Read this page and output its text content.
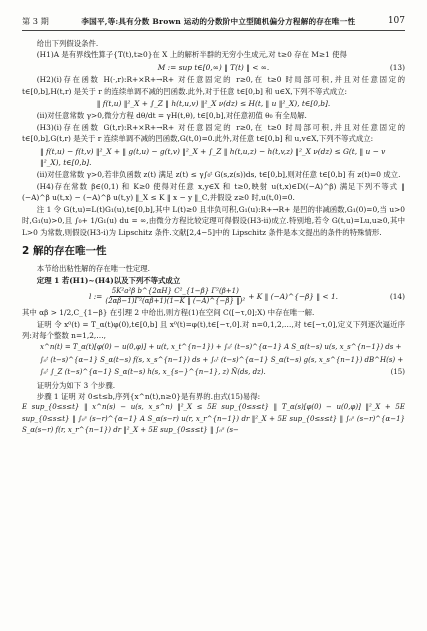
第 3 期	李国平,等:具有分数 Brown 运动的分数阶中立型随机偏分方程解的存在唯一性	107

给出下列假设条件.

(H1)A 是有界线性算子{T(t),t≥0}在 X 上的解析半群的无穷小生成元,对 t≥0 存在 M≥1 使得

M := sup t∈[0,∞) ‖ T(t) ‖ < ∞.	(13)

(H2)(i)存在函数 H(·,r):R+×R+→R+ 对任意固定的 r≥0,在 t≥0 时局部可积,并且对任意固定的 t∈[0,b],H(t,r) 是关于 r 的连续单调不减的凹函数.此外,对于任意 t∈[0,b] 和 u∈X,下列不等式成立:

‖ f(t,u) ‖²_X + ∫_Z ‖ h(t,u,v) ‖²_X ν(dz) ≤ H(t, ‖ u ‖²_X), t∈[0,b].

(ii)对任意常数 γ>0,微分方程 dθ/dt = γH(t,θ), t∈[0,b],对任意初值 θ₀ 有全局解.

(H3)(i)存在函数 G(t,r):R+×R+→R+ 对任意固定的 r≥0,在 t≥0 时局部可积,并且对任意固定的 t∈[0,b],G(t,r) 是关于 r 连续单调不减的凹函数,G(t,0)=0.此外,对任意 t∈[0,b] 和 u,v∈X,下列不等式成立:

‖ f(t,u) − f(t,v) ‖²_X + ‖ g(t,u) − g(t,v) ‖²_X + ∫_Z ‖ h(t,u,z) − h(t,v,z) ‖²_X ν(dz) ≤ G(t, ‖ u − v ‖²_X), t∈[0,b].

(ii)对任意常数 γ>0,若非负函数 z(t) 满足 z(t) ≤ γ∫₀ᵗ G(s,z(s))ds, t∈[0,b],则对任意 t∈[0,b] 有 z(t)=0 成立.

(H4)存在常数 β∈(0,1) 和 K≥0 使得对任意 x,y∈X 和 t≥0,映射 u(t,x)∈D((−A)^β) 满足下列不等式 ‖ (−A)^β u(t,x) − (−A)^β u(t,y) ‖_X ≤ K ‖ x − y ‖_C,并假设 z≥0 时,u(t,0)=0.

注 1 令 G(t,u)=L(t)G₁(u),t∈[0,b],其中 L(t)≥0 且非负可积,G₁(u):R+→R+ 是凹的非减函数,G₁(0)=0,当 u>0 时,G₁(u)>0,且 ∫₀+ 1/G₁(u) du = ∞,由微分方程比较定理可得假设(H3-ii)成立.特别地,若令 G(t,u)=Lu,u≥0,其中 L>0 为常数,则假设(H3-i)为 Lipschitz 条件.文献[2,4−5]中的 Lipschitz 条件是本文提出的条件的特殊情形.

2 解的存在唯一性

本节给出粘性解的存在唯一性定理.

定理 1 若(H1)~(H4)以及下列不等式成立

l := $\frac{\text{5K²a²β b\textasciicircum{}\{2αH\} C²\_\{1−β\} Γ²(β+1)}}{\text{(2αβ−1)Γ²(αβ+1)(1−K ‖ (−A)\textasciicircum{}\{−β\} ‖)²}} + K$ ‖ (−A)^{−β} ‖ < 1.	(14)

其中 αβ > 1/2,C_{1−β} 在引理 2 中给出,则方程(1)在空间 C([−τ,0];X) 中存在唯一解.

证明 令 x⁰(t) = T_α(t)φ(0),t∈[0,b] 且 x⁰(t)=φ(t),t∈[−τ,0].对 n=0,1,2,…,对 t∈[−τ,0],定义下列逐次逼近序列:对每个整数 n=1,2,…,

x^n(t) = T_α(t)[φ(0) − u(0,φ)] + u(t, x_t^{n−1}) + ∫₀ᵗ (t−s)^{α−1} A S_α(t−s) u(s, x_s^{n−1}) ds +
∫₀ᵗ (t−s)^{α−1} S_α(t−s) f(s, x_s^{n−1}) ds + ∫₀ᵗ (t−s)^{α−1} S_α(t−s) g(s, x_s^{n−1}) dB^H(s) +
∫₀ᵗ ∫_Z (t−s)^{α−1} S_α(t−s) h(s, x_{s−}^{n−1}, z) Ñ(ds, dz).	(15)

证明分为如下 3 个步骤.

步骤 1 证明 对 0≤t≤b,序列{x^n(t),n≥0}是有界的.由式(15)易得:

E sup_{0≤s≤t} ‖ x^n(s) − u(s, x_s^n) ‖²_X ≤ 5E sup_{0≤s≤t} ‖ T_α(s)[φ(0) − u(0,φ)] ‖²_X + 5E sup_{0≤s≤t} ‖ ∫₀ˢ (s−r)^{α−1} A S_α(s−r) u(r, x_r^{n−1}) dr ‖²_X + 5E sup_{0≤s≤t} ‖ ∫₀ˢ (s−r)^{α−1} S_α(s−r) f(r, x_r^{n−1}) dr ‖²_X + 5E sup_{0≤s≤t} ‖ ∫₀ˢ (s−
